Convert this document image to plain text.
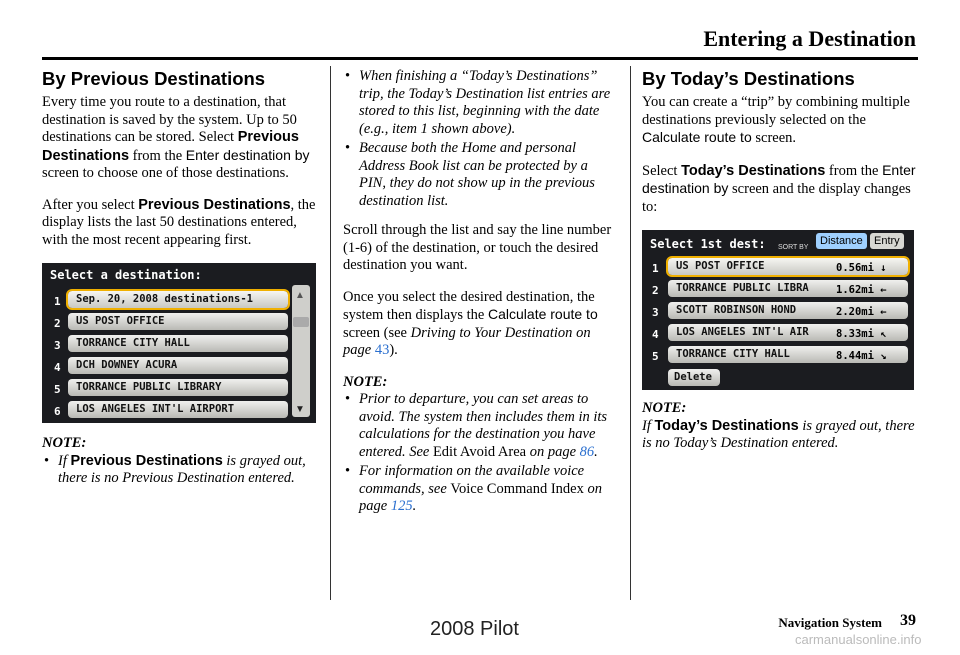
Entering a Destination
By Previous Destinations

Every time you route to a destination, that destination is saved by the system. Up to 50 destinations can be stored. Select Previous Destinations from the Enter destination by screen to choose one of those destinations.

After you select Previous Destinations, the display lists the last 50 destinations entered, with the most recent appearing first.

Select a destination:
1
2
3
4
5
6
Sep. 20, 2008 destinations-1
US POST OFFICE
TORRANCE CITY HALL
DCH DOWNEY ACURA
TORRANCE PUBLIC LIBRARY
LOS ANGELES INT'L AIRPORT
▲
▼
NOTE:
• If Previous Destinations is grayed out, there is no Previous Destination entered.
• When finishing a “Today’s Destinations” trip, the Today’s Destination list entries are stored to this list, beginning with the date (e.g., item 1 shown above).
• Because both the Home and personal Address Book list can be protected by a PIN, they do not show up in the previous destination list.

Scroll through the list and say the line number (1-6) of the destination, or touch the desired destination you want.

Once you select the desired destination, the system then displays the Calculate route to screen (see Driving to Your Destination on page 43).

NOTE:
• Prior to departure, you can set areas to avoid. The system then includes them in its calculations for the destination you have entered. See Edit Avoid Area on page 86.
• For information on the available voice commands, see Voice Command Index on page 125.
By Today’s Destinations

You can create a “trip” by combining multiple destinations previously selected on the Calculate route to screen.

Select Today’s Destinations from the Enter destination by screen and the display changes to:

Select 1st dest: SORT BY
Distance	Entry
1
2
3
4
5
US POST OFFICE
TORRANCE PUBLIC LIBRA
SCOTT ROBINSON HOND
LOS ANGELES INT'L AIR
TORRANCE CITY HALL
0.56mi ↓
1.62mi ←
2.20mi ←
8.33mi ↖
8.44mi ↘
Delete
NOTE:

If Today’s Destinations is grayed out, there is no Today’s Destination entered.

Navigation System 39
2008 Pilot	carmanualsonline.info
